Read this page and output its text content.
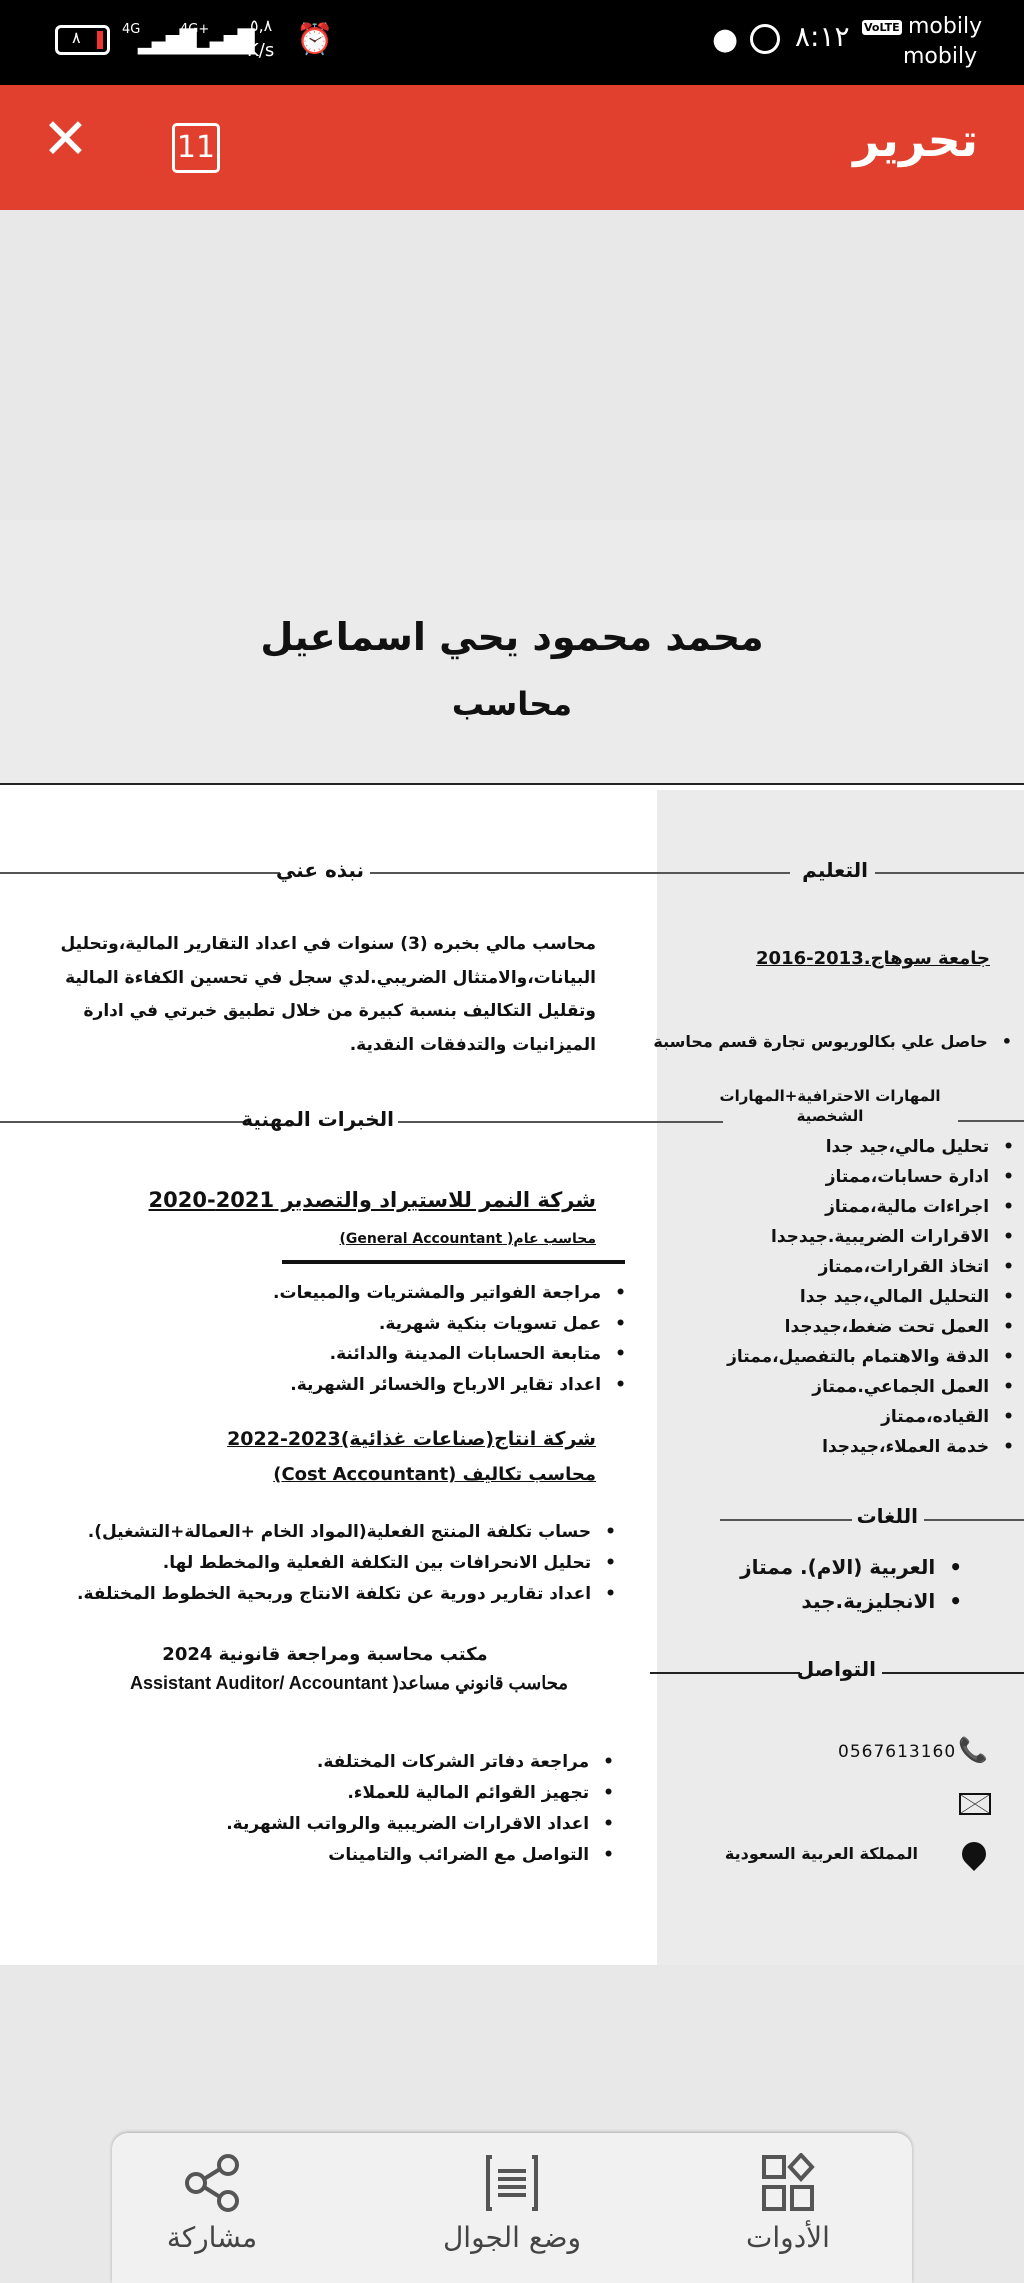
٨	4G
▂▄▆█
4G+
▂▄▆█
٥,٨
K/s ⏰	● ٨:١٢ VoLTE mobily
mobily
✕	11	تحرير
محمد محمود يحي اسماعيل
محاسب
نبذه عني
محاسب مالي بخبره (3) سنوات في اعداد التقارير المالية،وتحليل
البيانات،والامتثال الضريبي.لدي سجل في تحسين الكفاءة المالية
وتقليل التكاليف بنسبة كبيرة من خلال تطبيق خبرتي في ادارة
الميزانيات والتدفقات النقدية.
الخبرات المهنية
شركة النمر للاستيراد والتصدير 2021-2020
محاسب عام( General Accountant)
• مراجعة الفواتير والمشتريات والمبيعات.
• عمل تسويات بنكية شهرية.
• متابعة الحسابات المدينة والدائنة.
• اعداد تقاير الارباح والخسائر الشهرية.
شركة انتاج(صناعات غذائية)2023-2022
محاسب تكاليف (Cost Accountant)
• حساب تكلفة المنتج الفعلية(المواد الخام +العمالة+التشغيل).
• تحليل الانحرافات بين التكلفة الفعلية والمخطط لها.
• اعداد تقارير دورية عن تكلفة الانتاج وربحية الخطوط المختلفة.
مكتب محاسبة ومراجعة قانونية 2024
محاسب قانوني مساعد( Assistant Auditor/ Accountant
• مراجعة دفاتر الشركات المختلفة.
• تجهيز القوائم المالية للعملاء.
• اعداد الاقرارات الضريبية والرواتب الشهرية.
• التواصل مع الضرائب والتامينات
التعليم
جامعة سوهاج.2013-2016
• حاصل علي بكالوريوس تجارة قسم محاسبة
المهارات الاحترافية+المهارات
الشخصية
• تحليل مالي،جيد جدا
• ادارة حسابات،ممتاز
• اجراءات مالية،ممتاز
• الاقرارات الضريبية.جيدجدا
• اتخاذ القرارات،ممتاز
• التحليل المالي،جيد جدا
• العمل تحت ضغط،جيدجدا
• الدقة والاهتمام بالتفصيل،ممتاز
• العمل الجماعي.ممتاز
• القياده،ممتاز
• خدمة العملاء،جيدجدا
اللغات
• العربية (الام). ممتاز
• الانجليزية.جيد
التواصل
📞
0567613160
المملكة العربية السعودية
مشاركة	وضع الجوال	الأدوات
